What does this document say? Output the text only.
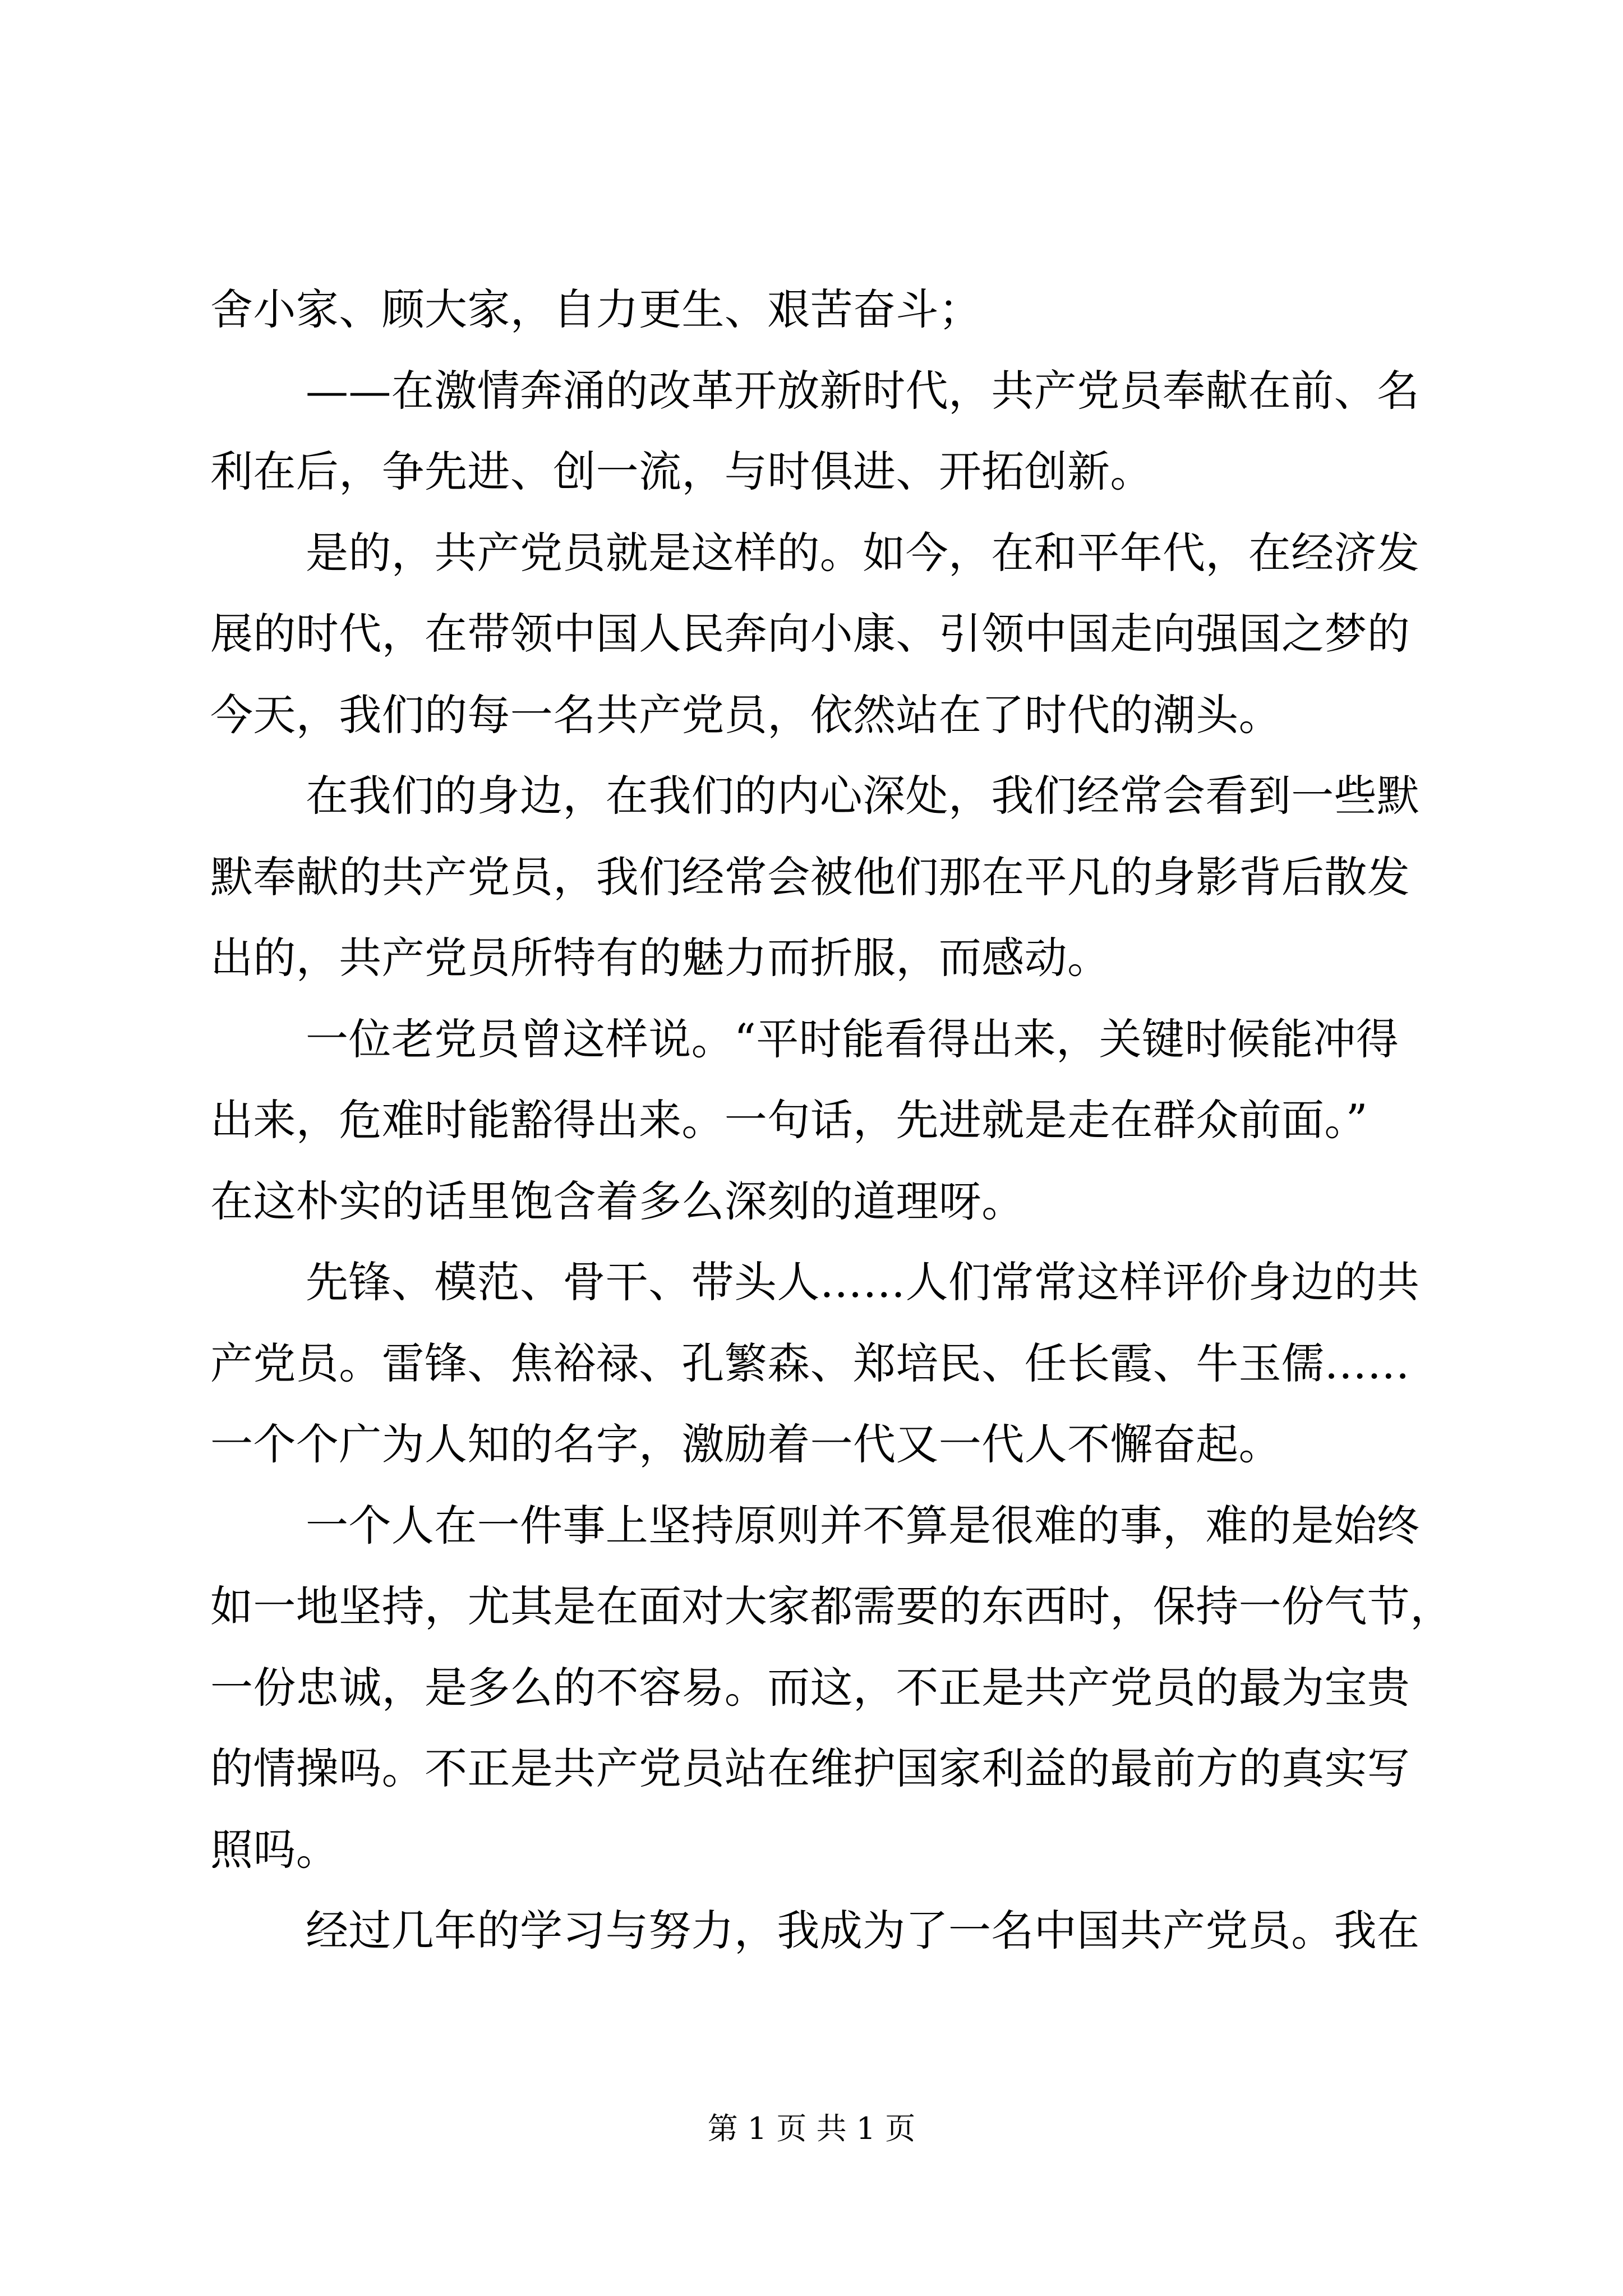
舍小家、顾大家，自力更生、艰苦奋斗；
——在激情奔涌的改革开放新时代，共产党员奉献在前、名
利在后，争先进、创一流，与时俱进、开拓创新。
是的，共产党员就是这样的。如今，在和平年代，在经济发
展的时代，在带领中国人民奔向小康、引领中国走向强国之梦的
今天，我们的每一名共产党员，依然站在了时代的潮头。
在我们的身边，在我们的内心深处，我们经常会看到一些默
默奉献的共产党员，我们经常会被他们那在平凡的身影背后散发
出的，共产党员所特有的魅力而折服，而感动。
一位老党员曾这样说。“平时能看得出来，关键时候能冲得
出来，危难时能豁得出来。一句话，先进就是走在群众前面。”
在这朴实的话里饱含着多么深刻的道理呀。
先锋、模范、骨干、带头人……人们常常这样评价身边的共
产党员。雷锋、焦裕禄、孔繁森、郑培民、任长霞、牛玉儒……
一个个广为人知的名字，激励着一代又一代人不懈奋起。
一个人在一件事上坚持原则并不算是很难的事，难的是始终
如一地坚持，尤其是在面对大家都需要的东西时，保持一份气节，
一份忠诚，是多么的不容易。而这，不正是共产党员的最为宝贵
的情操吗。不正是共产党员站在维护国家利益的最前方的真实写
照吗。
经过几年的学习与努力，我成为了一名中国共产党员。我在
第 1 页 共 1 页
